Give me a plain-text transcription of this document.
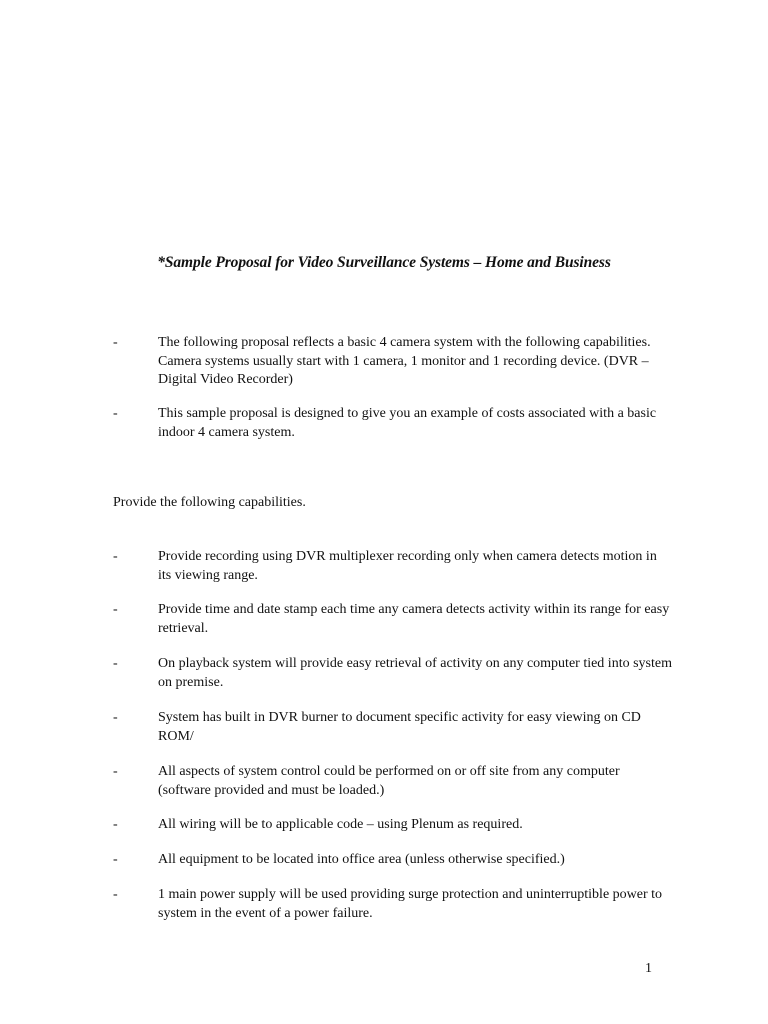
*Sample Proposal for Video Surveillance Systems – Home and Business
-	The following proposal reflects a basic 4 camera system with the following capabilities. Camera systems usually start with 1 camera, 1 monitor and 1 recording device. (DVR – Digital Video Recorder)
-	This sample proposal is designed to give you an example of costs associated with a basic indoor 4 camera system.
Provide the following capabilities.
-	Provide recording using DVR multiplexer recording only when camera detects motion in its viewing range.
-	Provide time and date stamp each time any camera detects activity within its range for easy retrieval.
-	On playback system will provide easy retrieval of activity on any computer tied into system on premise.
-	System has built in DVR burner to document specific activity for easy viewing on CD ROM/
-	All aspects of system control could be performed on or off site from any computer (software provided and must be loaded.)
-	All wiring will be to applicable code – using Plenum as required.
-	All equipment to be located into office area (unless otherwise specified.)
-	1 main power supply will be used providing surge protection and uninterruptible power to system in the event of a power failure.
1
